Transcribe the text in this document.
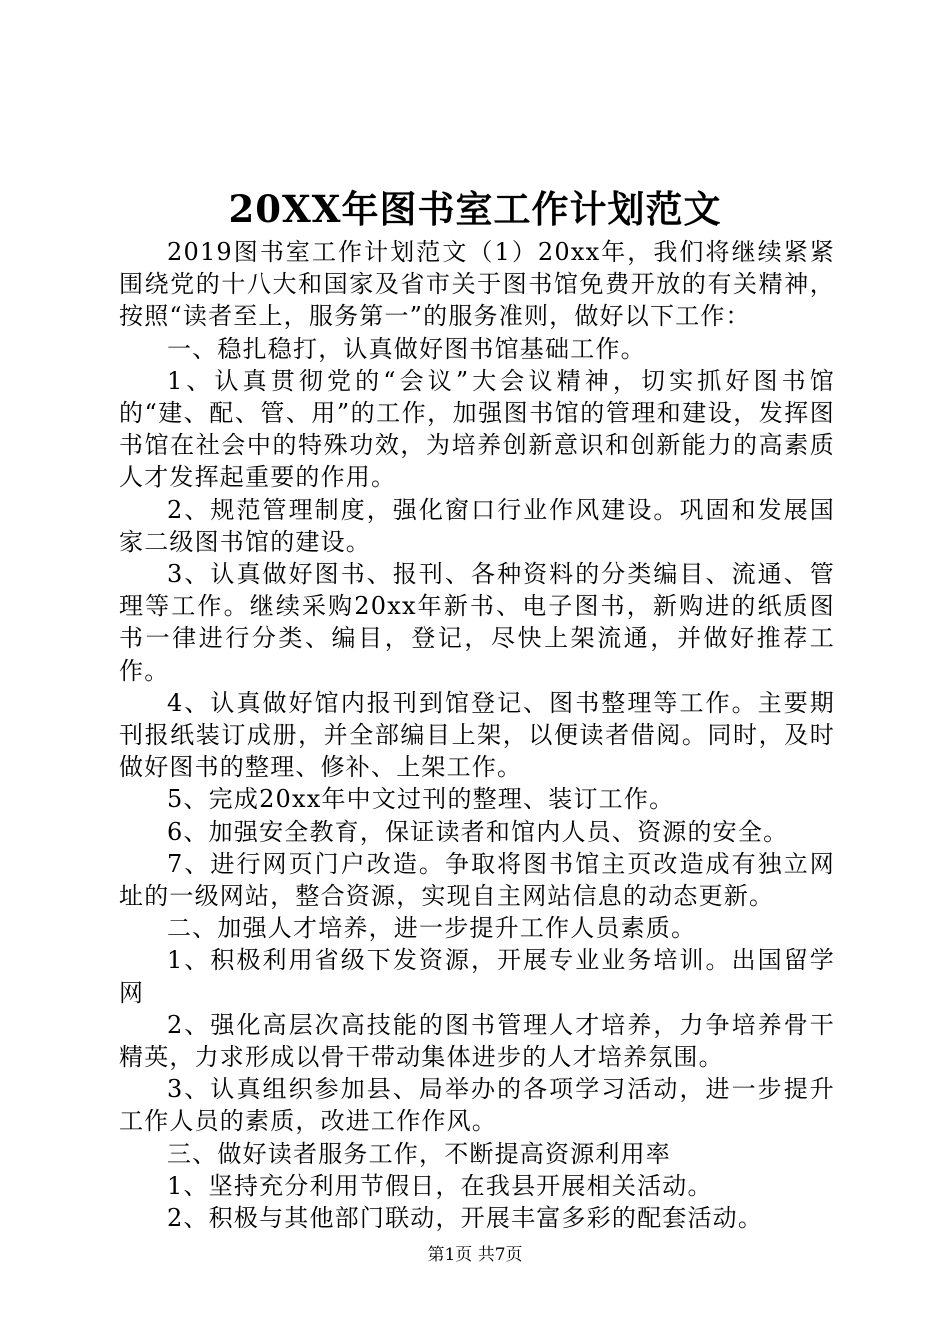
20XX年图书室工作计划范文

2019图书室工作计划范文（1）20xx年，我们将继续紧紧围绕党的十八大和国家及省市关于图书馆免费开放的有关精神，按照“读者至上，服务第一”的服务准则，做好以下工作：

一、稳扎稳打，认真做好图书馆基础工作。

1、认真贯彻党的“会议”大会议精神，切实抓好图书馆的“建、配、管、用”的工作，加强图书馆的管理和建设，发挥图书馆在社会中的特殊功效，为培养创新意识和创新能力的高素质人才发挥起重要的作用。

2、规范管理制度，强化窗口行业作风建设。巩固和发展国家二级图书馆的建设。

3、认真做好图书、报刊、各种资料的分类编目、流通、管理等工作。继续采购20xx年新书、电子图书，新购进的纸质图书一律进行分类、编目，登记，尽快上架流通，并做好推荐工作。

4、认真做好馆内报刊到馆登记、图书整理等工作。主要期刊报纸装订成册，并全部编目上架，以便读者借阅。同时，及时做好图书的整理、修补、上架工作。

5、完成20xx年中文过刊的整理、装订工作。

6、加强安全教育，保证读者和馆内人员、资源的安全。

7、进行网页门户改造。争取将图书馆主页改造成有独立网址的一级网站，整合资源，实现自主网站信息的动态更新。

二、加强人才培养，进一步提升工作人员素质。

1、积极利用省级下发资源，开展专业业务培训。出国留学网

2、强化高层次高技能的图书管理人才培养，力争培养骨干精英，力求形成以骨干带动集体进步的人才培养氛围。

3、认真组织参加县、局举办的各项学习活动，进一步提升工作人员的素质，改进工作作风。

三、做好读者服务工作，不断提高资源利用率

1、坚持充分利用节假日，在我县开展相关活动。

2、积极与其他部门联动，开展丰富多彩的配套活动。

第1页 共7页
